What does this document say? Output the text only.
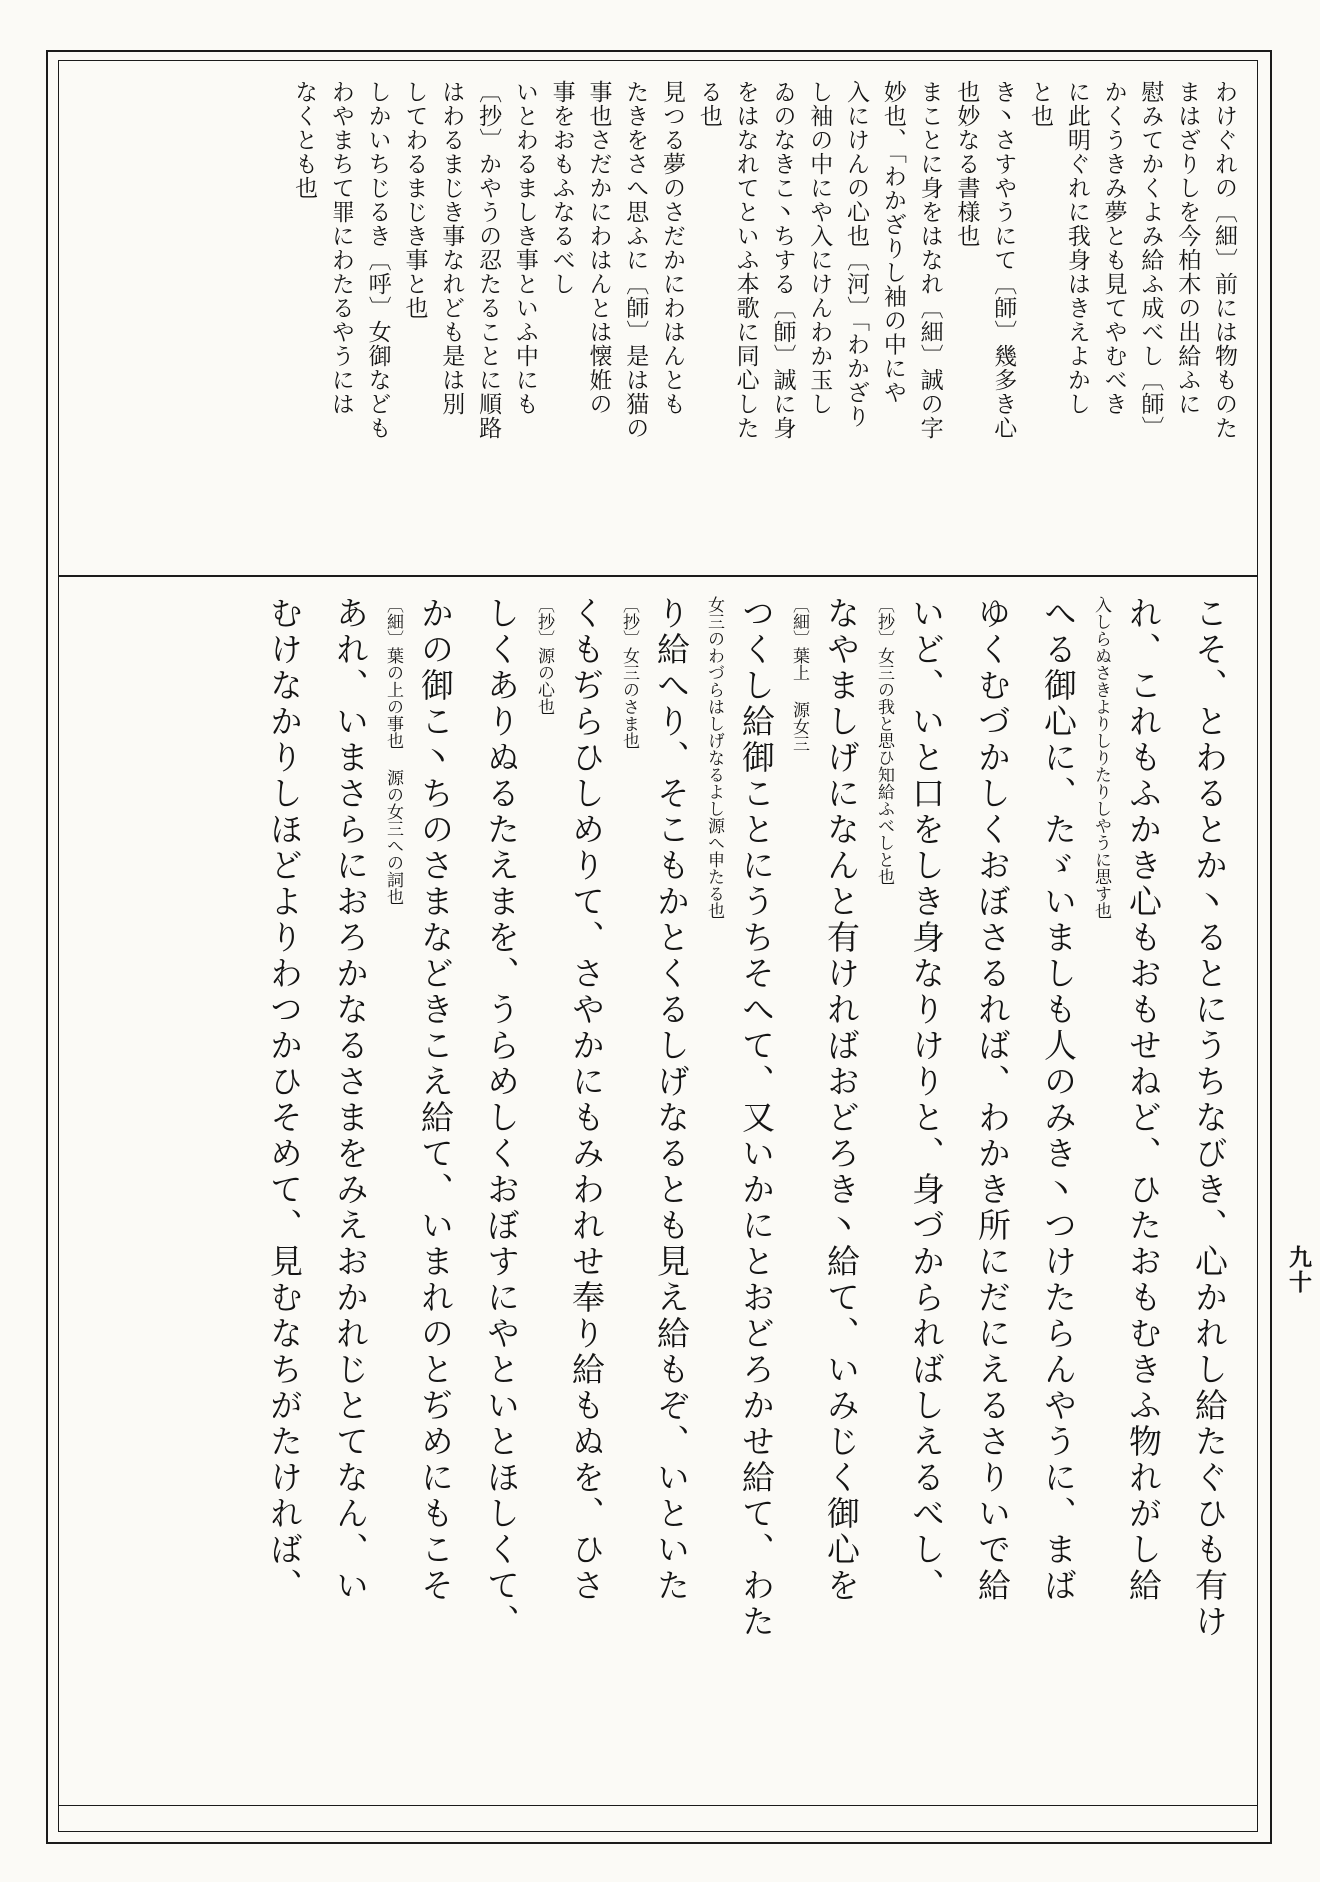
わけぐれの〔細〕前には物ものた
まはざりしを今柏木の出給ふに
慰みてかくよみ給ふ成べし〔師〕
かくうきみ夢とも見てやむべき
に此明ぐれに我身はきえよかし
と也
き丶さすやうにて〔師〕幾多き心
也妙なる書様也
まことに身をはなれ〔細〕誠の字
妙也、「わかざりし袖の中にや
入にけんの心也〔河〕「わかざり
し袖の中にや入にけんわか玉し
ゐのなきこ丶ちする〔師〕誠に身
をはなれてといふ本歌に同心した
る也
見つる夢のさだかにわはんとも
たきをさへ思ふに〔師〕是は猫の
事也さだかにわはんとは懐姙の
事をおもふなるべし
いとわるましき事といふ中にも
〔抄〕かやうの忍たることに順路
はわるまじき事なれども是は別
してわるまじき事と也
しかいちじるき〔呼〕女御なども
わやまちて罪にわたるやうには
なくとも也
こそ、とわるとか丶るとにうちなびき、心かれし給たぐひも有け
れ、これもふかき心もおもせねど、ひたおもむきふ物れがし給
入しらぬさきよりしりたりしやうに思す也
へる御心に、たゞいましも人のみき丶つけたらんやうに、まば
ゆくむづかしくおぼさるれば、わかき所にだにえるさりいで給
いど、いと口をしき身なりけりと、身づからればしえるべし、
〔抄〕女三の我と思ひ知給ふべしと也
なやましげになんと有ければおどろき丶給て、いみじく御心を
〔細〕葉上 源女三
つくし給御ことにうちそへて、又いかにとおどろかせ給て、わた
女三のわづらはしげなるよし源へ申たる也
り給へり、そこもかとくるしげなるとも見え給もぞ、いといた
〔抄〕女三のさま也
くもぢらひしめりて、さやかにもみわれせ奉り給もぬを、ひさ
〔抄〕源の心也
しくありぬるたえまを、うらめしくおぼすにやといとほしくて、
かの御こ丶ちのさまなどきこえ給て、いまれのとぢめにもこそ
〔細〕葉の上の事也 源の女三への詞也
あれ、いまさらにおろかなるさまをみえおかれじとてなん、い
むけなかりしほどよりわつかひそめて、見むなちがたければ、	九十
